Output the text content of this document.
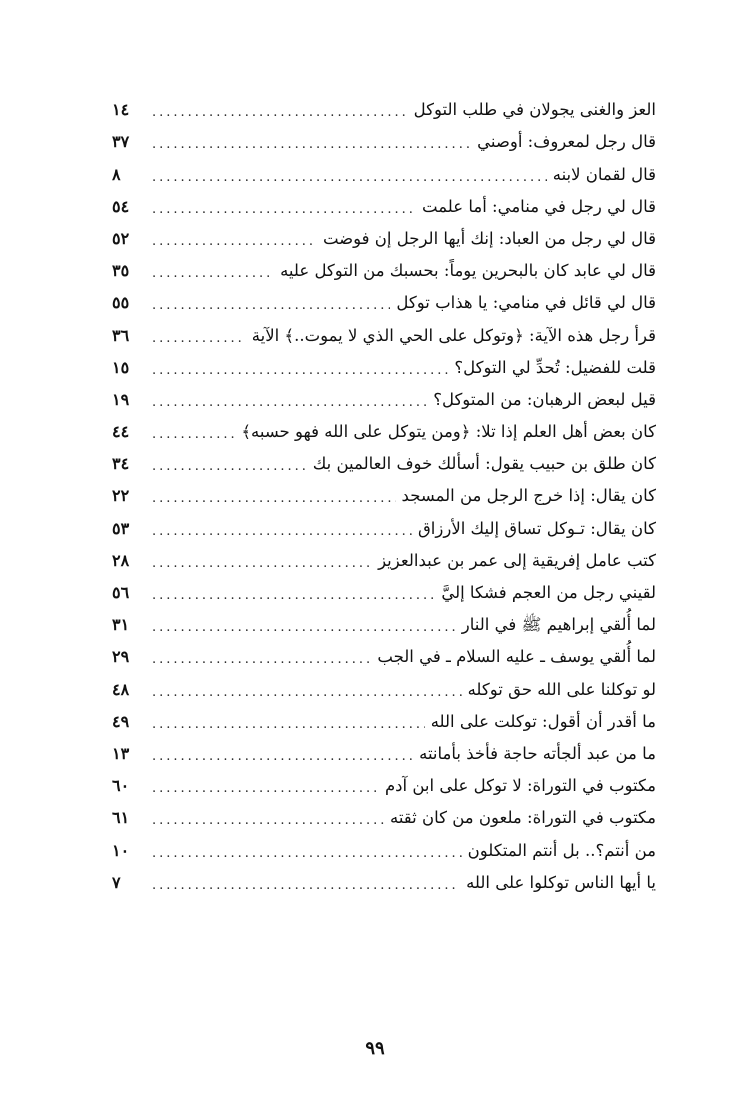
العز والغنى يجولان في طلب التوكل
.....
١٤
قال رجل لمعروف: أوصني
.....
٣٧
قال لقمان لابنه
.....
٨
قال لي رجل في منامي: أما علمت
.....
٥٤
قال لي رجل من العباد: إنك أيها الرجل إن فوضت
.....
٥٢
قال لي عابد كان بالبحرين يوماً: بحسبك من التوكل عليه
.....
٣٥
قال لي قائل في منامي: يا هذاب توكل
.....
٥٥
قرأ رجل هذه الآية: ﴿وتوكل على الحي الذي لا يموت..﴾ الآية
.....
٣٦
قلت للفضيل: تُحدِّ لي التوكل؟
.....
١٥
قيل لبعض الرهبان: من المتوكل؟
.....
١٩
كان بعض أهل العلم إذا تلا: ﴿ومن يتوكل على الله فهو حسبه﴾
.....
٤٤
كان طلق بن حبيب يقول: أسألك خوف العالمين بك
.....
٣٤
كان يقال: إذا خرج الرجل من المسجد
.....
٢٢
كان يقال: تـوكل تساق إليك الأرزاق
.....
٥٣
كتب عامل إفريقية إلى عمر بن عبدالعزيز
.....
٢٨
لقيني رجل من العجم فشكا إليَّ
.....
٥٦
لما أُلقي إبراهيم ﷺ في النار
.....
٣١
لما أُلقي يوسف ـ عليه السلام ـ في الجب
.....
٢٩
لو توكلنا على الله حق توكله
.....
٤٨
ما أقدر أن أقول: توكلت على الله
.....
٤٩
ما من عبد ألجأته حاجة فأخذ بأمانته
.....
١٣
مكتوب في التوراة: لا توكل على ابن آدم
.....
٦٠
مكتوب في التوراة: ملعون من كان ثقته
.....
٦١
من أنتم؟.. بل أنتم المتكلون
.....
١٠
يا أيها الناس توكلوا على الله
.....
٧
٩٩
